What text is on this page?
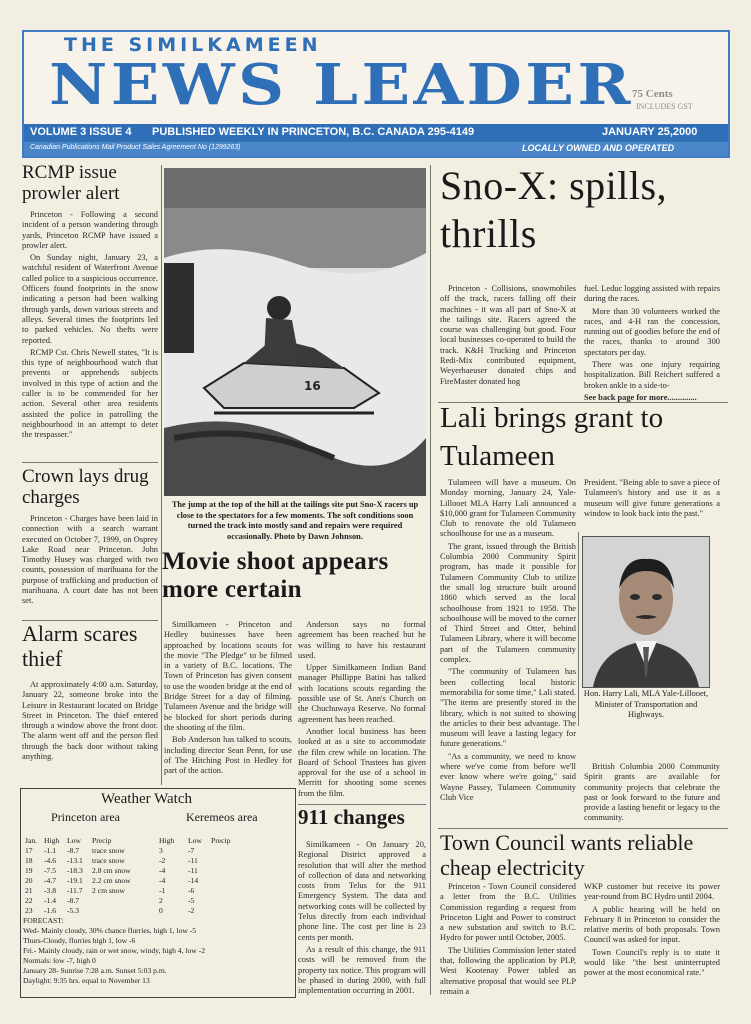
THE SIMILKAMEEN
NEWS LEADER
75 Cents
INCLUDES GST
VOLUME 3 ISSUE 4 PUBLISHED WEEKLY IN PRINCETON, B.C. CANADA 295-4149	JANUARY 25,2000
Canadian Publications Mail Product Sales Agreement No (1299263)	LOCALLY OWNED AND OPERATED
RCMP issue prowler alert

Princeton - Following a second incident of a person wandering through yards, Princeton RCMP have issued a prowler alert.

On Sunday night, January 23, a watchful resident of Waterfront Avenue called police to a suspicious occurrence. Officers found footprints in the snow indicating a person had been walking through yards, down various streets and alleys. Several times the footprints led to parked vehicles. No thefts were reported.

RCMP Cst. Chris Newell states, "It is this type of neighbourhood watch that prevents or apprehends subjects involved in this type of action and the caller is to be commended for her action. Several other area residents assisted the police in patrolling the neighbourhood in an attempt to deter the trespasser."

Crown lays drug charges

Princeton - Charges have been laid in connection with a search warrant executed on October 7, 1999, on Osprey Lake Road near Princeton. John Timothy Husey was charged with two counts, possession of marihuana for the purpose of trafficking and production of marihuana. A court date has not been set.

Alarm scares thief

At approximately 4:00 a.m. Saturday, January 22, someone broke into the Leisure in Restaurant located on Bridge Street in Princeton. The thief entered through a window above the front door. The alarm went off and the person fled through the back door without taking anything.

16
The jump at the top of the hill at the tailings site put Sno-X racers up close to the spectators for a few moments. The soft conditions soon turned the track into mostly sand and repairs were required occasionally. Photo by Dawn Johnson.
Movie shoot appears more certain

Similkameen - Princeton and Hedley businesses have been approached by locations scouts for the movie "The Pledge" to be filmed in a variety of B.C. locations. The Town of Princeton has given consent to use the wooden bridge at the end of Bridge Street for a day of filming. Tulameen Avenue and the bridge will be blocked for short periods during the shooting of the film.

Bob Anderson has talked to scouts, including director Sean Penn, for use of The Hitching Post in Hedley for part of the action.

Anderson says no formal agreement has been reached but he was willing to have his restaurant used.

Upper Similkameen Indian Band manager Phillippe Batini has talked with locations scouts regarding the possible use of St. Ann's Church on the Chuchuwaya Reserve. No formal agreement has been reached.

Another local business has been looked at as a site to accommodate the film crew while on location. The Board of School Trustees has given approval for the use of a school in Merritt for shooting some scenes from the film.

911 changes

Similkameen - On January 20, Regional District approved a resolution that will alter the method of collection of data and networking costs from Telus for the 911 Emergency System. The data and networking costs will be collected by Telus directly from each individual phone line. The cost per line is 23 cents per month.

As a result of this change, the 911 costs will be removed from the property tax notice. This program will be phased in during 2000, with full implementation occurring in 2001.

Weather Watch
Princeton area	Keremeos area
Jan.	High	Low	Precip	High	Low	Precip
17	-1.1	-8.7	trace snow	3	-7	
18	-4.6	-13.1	trace snow	-2	-11	
19	-7.5	-18.3	2.8 cm snow	-4	-11	
20	-4.7	-19.1	2.2 cm snow	-4	-14	
21	-3.8	-11.7	2 cm snow	-1	-6	
22	-1.4	-8.7		2	-5	
23	-1.6	-5.3		0	-2	
FORECAST:
Wed- Mainly cloudy, 30% chance flurries, high 1, low -5
Thurs-Cloudy, flurries high 1, low -6
Fri.- Mainly cloudy, rain or wet snow, windy, high 4, low -2
Normals: low -7, high 0
January 28- Sunrise 7:28 a.m. Sunset 5:03 p.m.
Daylight: 9:35 hrs. equal to November 13
Sno-X: spills, thrills

Princeton - Collisions, snowmobiles off the track, racers falling off their machines - it was all part of Sno-X at the tailings site. Racers agreed the course was challenging but good. Four local businesses co-operated to build the track. K&H Trucking and Princeton Redi-Mix contributed equipment, Weyerhaeuser donated chips and FireMaster donated hog

fuel. Leduc logging assisted with repairs during the races.

More than 30 volunteers worked the races, and 4-H ran the concession, running out of goodies before the end of the races, thanks to around 300 spectators per day.

There was one injury requiring hospitalization. Bill Reichert suffered a broken ankle in a side-to-

See back page for more..............

Lali brings grant to Tulameen

Tulameen will have a museum. On Monday morning, January 24, Yale-Lillooet MLA Harry Lali announced a $10,000 grant for Tulameen Community Club to renovate the old Tulameen schoolhouse for use as a museum.

The grant, issued through the British Columbia 2000 Community Spirit program, has made it possible for Tulameen Community Club to utilize the small log structure built around 1860 which served as the local schoolhouse from 1921 to 1958. The schoolhouse will be moved to the corner of Third Street and Otter, behind Tulameen Library, where it will become part of the Tulameen community complex.

"The community of Tulameen has been collecting local historic memorabilia for some time," Lali stated. "The items are presently stored in the library, which is not suited to showing the articles to their best advantage. The museum will leave a lasting legacy for future generations."

"As a community, we need to know where we've come from before we'll ever know where we're going," said Wayne Passey, Tulameen Community Club Vice

President. "Being able to save a piece of Tulameen's history and use it as a museum will give future generations a window to look back into the past."

Hon. Harry Lali, MLA Yale-Lillooet, Minister of Transportation and Highways.

British Columbia 2000 Community Spirit grants are available for community projects that celebrate the past or look forward to the future and provide a lasting benefit or legacy to the community.

Town Council wants reliable cheap electricity

Princeton - Town Council considered a letter from the B.C. Utilities Commission regarding a request from Princeton Light and Power to construct a new substation and switch to B.C. Hydro for power until October, 2005.

The Utilities Commission letter stated that, following the application by PLP, West Kootenay Power tabled an alternative proposal that would see PLP remain a

WKP customer but receive its power year-round from BC Hydro until 2004.

A public hearing will be held on February 8 in Princeton to consider the relative merits of both proposals. Town Council was asked for input.

Town Council's reply is to state it would like "the best uninterrupted power at the most economical rate."
